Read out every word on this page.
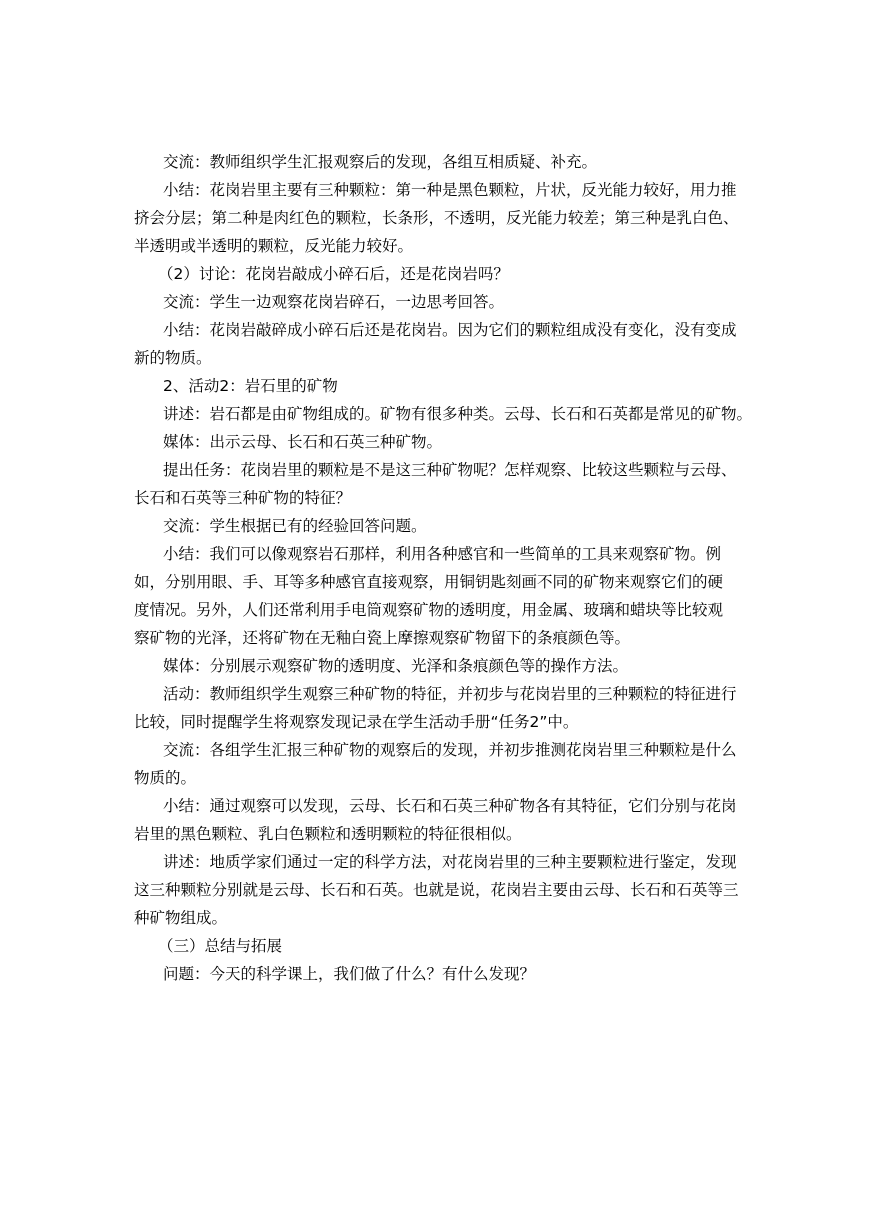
交流：教师组织学生汇报观察后的发现，各组互相质疑、补充。
小结：花岗岩里主要有三种颗粒：第一种是黑色颗粒，片状，反光能力较好，用力推
挤会分层；第二种是肉红色的颗粒，长条形，不透明，反光能力较差；第三种是乳白色、
半透明或半透明的颗粒，反光能力较好。
（2）讨论：花岗岩敲成小碎石后，还是花岗岩吗？
交流：学生一边观察花岗岩碎石，一边思考回答。
小结：花岗岩敲碎成小碎石后还是花岗岩。因为它们的颗粒组成没有变化，没有变成
新的物质。
2、活动2：岩石里的矿物
讲述：岩石都是由矿物组成的。矿物有很多种类。云母、长石和石英都是常见的矿物。
媒体：出示云母、长石和石英三种矿物。
提出任务：花岗岩里的颗粒是不是这三种矿物呢？怎样观察、比较这些颗粒与云母、
长石和石英等三种矿物的特征？
交流：学生根据已有的经验回答问题。
小结：我们可以像观察岩石那样，利用各种感官和一些简单的工具来观察矿物。例
如，分别用眼、手、耳等多种感官直接观察，用铜钥匙刻画不同的矿物来观察它们的硬
度情况。另外，人们还常利用手电筒观察矿物的透明度，用金属、玻璃和蜡块等比较观
察矿物的光泽，还将矿物在无釉白瓷上摩擦观察矿物留下的条痕颜色等。
媒体：分别展示观察矿物的透明度、光泽和条痕颜色等的操作方法。
活动：教师组织学生观察三种矿物的特征，并初步与花岗岩里的三种颗粒的特征进行
比较，同时提醒学生将观察发现记录在学生活动手册“任务2”中。
交流：各组学生汇报三种矿物的观察后的发现，并初步推测花岗岩里三种颗粒是什么
物质的。
小结：通过观察可以发现，云母、长石和石英三种矿物各有其特征，它们分别与花岗
岩里的黑色颗粒、乳白色颗粒和透明颗粒的特征很相似。
讲述：地质学家们通过一定的科学方法，对花岗岩里的三种主要颗粒进行鉴定，发现
这三种颗粒分别就是云母、长石和石英。也就是说，花岗岩主要由云母、长石和石英等三
种矿物组成。
（三）总结与拓展
问题：今天的科学课上，我们做了什么？有什么发现？
